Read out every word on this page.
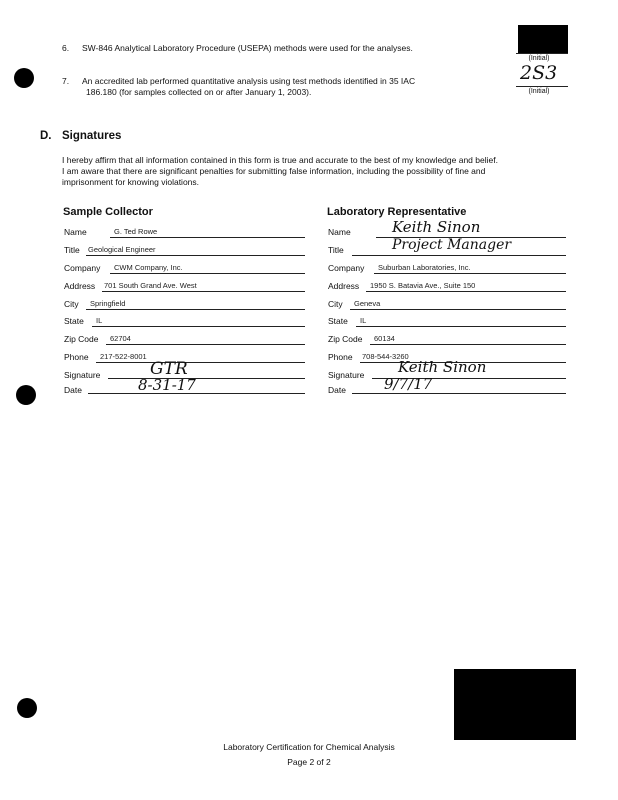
6. SW-846 Analytical Laboratory Procedure (USEPA) methods were used for the analyses.
(Initial)
7. An accredited lab performed quantitative analysis using test methods identified in 35 IAC
186.180 (for samples collected on or after January 1, 2003).
2S3
(Initial)
D. Signatures
I hereby affirm that all information contained in this form is true and accurate to the best of my knowledge and belief.
I am aware that there are significant penalties for submitting false information, including the possibility of fine and
imprisonment for knowing violations.
Sample Collector
Name	G. Ted Rowe
Title Geological Engineer
Company CWM Company, Inc.
Address 701 South Grand Ave. West
City Springfield
State IL
Zip Code 62704
Phone 217-522-8001
Signature	GTR
Date	8-31-17
Laboratory Representative
Name	Keith Sinon
Title	Project Manager
Company Suburban Laboratories, Inc.
Address 1950 S. Batavia Ave., Suite 150
City Geneva
State IL
Zip Code 60134
Phone 708-544-3260
Signature Keith Sinon
Date	9/7/17
Laboratory Certification for Chemical Analysis
Page 2 of 2
